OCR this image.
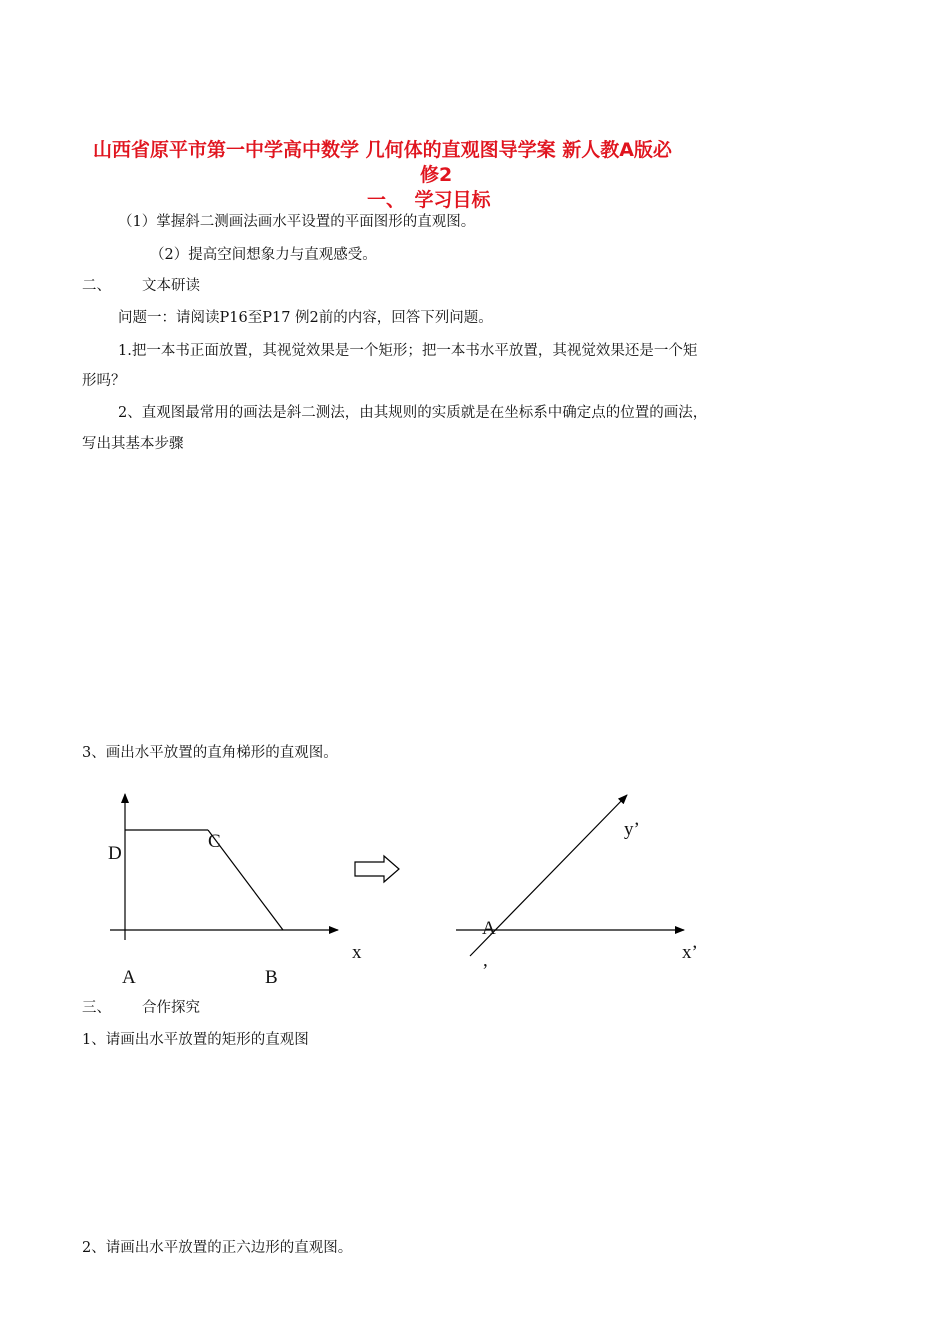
山西省原平市第一中学高中数学 几何体的直观图导学案 新人教A版必
修2
一、　学习目标
（1）掌握斜二测画法画水平设置的平面图形的直观图。
（2）提高空间想象力与直观感受。
二、 文本研读
问题一：请阅读P16至P17 例2前的内容，回答下列问题。
1.把一本书正面放置，其视觉效果是一个矩形；把一本书水平放置，其视觉效果还是一个矩
形吗？
2、直观图最常用的画法是斜二测法，由其规则的实质就是在坐标系中确定点的位置的画法，
写出其基本步骤
3、画出水平放置的直角梯形的直观图。
D
C
x
A	B
y’
A
,	x’
三、 合作探究
1、请画出水平放置的矩形的直观图
2、请画出水平放置的正六边形的直观图。
